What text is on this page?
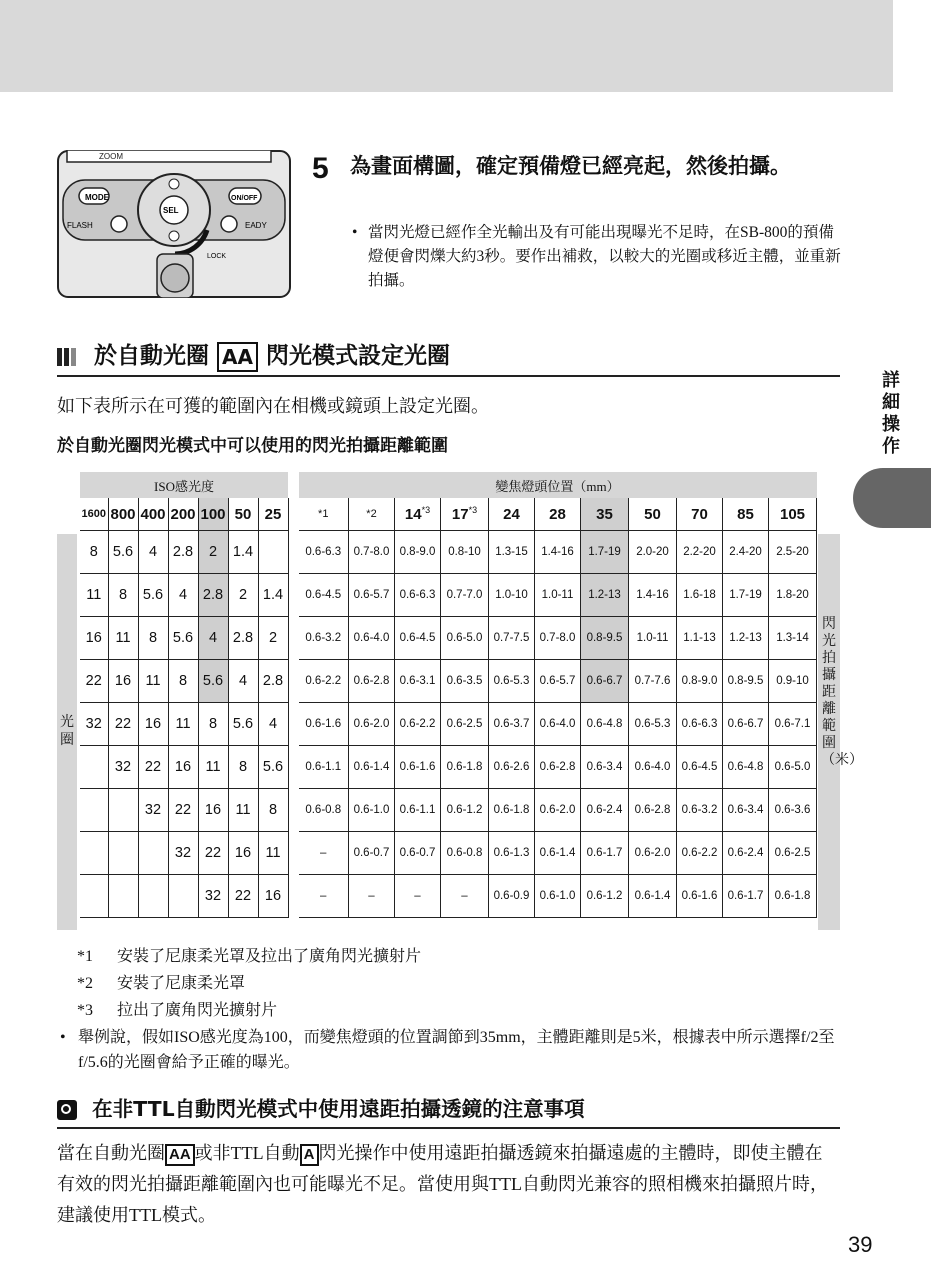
ZOOM
MODE	ON/OFF
SEL
FLASH	EADY
LOCK
5 為畫面構圖，確定預備燈已經亮起，然後拍攝。
• 當閃光燈已經作全光輸出及有可能出現曝光不足時，在SB-800的預備燈便會閃爍大約3秒。要作出補救，以較大的光圈或移近主體，並重新拍攝。
於自動光圈 AA 閃光模式設定光圈
如下表所示在可獲的範圍內在相機或鏡頭上設定光圈。
於自動光圈閃光模式中可以使用的閃光拍攝距離範圍
詳
細
操
作
光圈
閃光拍攝距離範圍（米）
ISO感光度								變焦燈頭位置（mm）										
1600	800	400	200	100	50	25		*1	*2	14$^{*3}$	17$^{*3}$	24	28	35	50	70	85	105
8	5.6	4	2.8	2	1.4			0.6-6.3	0.7-8.0	0.8-9.0	0.8-10	1.3-15	1.4-16	1.7-19	2.0-20	2.2-20	2.4-20	2.5-20
11	8	5.6	4	2.8	2	1.4		0.6-4.5	0.6-5.7	0.6-6.3	0.7-7.0	1.0-10	1.0-11	1.2-13	1.4-16	1.6-18	1.7-19	1.8-20
16	11	8	5.6	4	2.8	2		0.6-3.2	0.6-4.0	0.6-4.5	0.6-5.0	0.7-7.5	0.7-8.0	0.8-9.5	1.0-11	1.1-13	1.2-13	1.3-14
22	16	11	8	5.6	4	2.8		0.6-2.2	0.6-2.8	0.6-3.1	0.6-3.5	0.6-5.3	0.6-5.7	0.6-6.7	0.7-7.6	0.8-9.0	0.8-9.5	0.9-10
32	22	16	11	8	5.6	4		0.6-1.6	0.6-2.0	0.6-2.2	0.6-2.5	0.6-3.7	0.6-4.0	0.6-4.8	0.6-5.3	0.6-6.3	0.6-6.7	0.6-7.1
	32	22	16	11	8	5.6		0.6-1.1	0.6-1.4	0.6-1.6	0.6-1.8	0.6-2.6	0.6-2.8	0.6-3.4	0.6-4.0	0.6-4.5	0.6-4.8	0.6-5.0
		32	22	16	11	8		0.6-0.8	0.6-1.0	0.6-1.1	0.6-1.2	0.6-1.8	0.6-2.0	0.6-2.4	0.6-2.8	0.6-3.2	0.6-3.4	0.6-3.6
			32	22	16	11		–	0.6-0.7	0.6-0.7	0.6-0.8	0.6-1.3	0.6-1.4	0.6-1.7	0.6-2.0	0.6-2.2	0.6-2.4	0.6-2.5
				32	22	16		–	–	–	–	0.6-0.9	0.6-1.0	0.6-1.2	0.6-1.4	0.6-1.6	0.6-1.7	0.6-1.8
*1 安裝了尼康柔光罩及拉出了廣角閃光擴射片
*2 安裝了尼康柔光罩
*3 拉出了廣角閃光擴射片
• 舉例說，假如ISO感光度為100，而變焦燈頭的位置調節到35mm，主體距離則是5米，根據表中所示選擇f/2至f/5.6的光圈會給予正確的曝光。
在非TTL自動閃光模式中使用遠距拍攝透鏡的注意事項
當在自動光圈 AA 或非TTL自動 A 閃光操作中使用遠距拍攝透鏡來拍攝遠處的主體時，即使主體在有效的閃光拍攝距離範圍內也可能曝光不足。當使用與TTL自動閃光兼容的照相機來拍攝照片時，建議使用TTL模式。
39
